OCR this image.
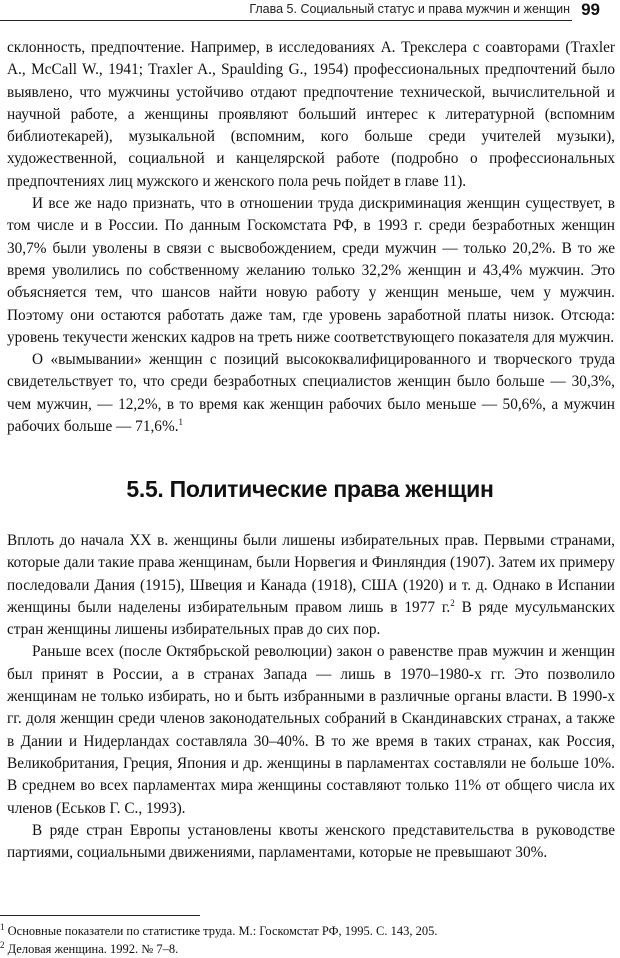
Глава 5. Социальный статус и права мужчин и женщин 99

склонность, предпочтение. Например, в исследованиях А. Трекслера с соавторами (Traxler A., McCall W., 1941; Traxler A., Spaulding G., 1954) профессиональных предпочтений было выявлено, что мужчины устойчиво отдают предпочтение технической, вычислительной и научной работе, а женщины проявляют больший интерес к литературной (вспомним библиотекарей), музыкальной (вспомним, кого больше среди учителей музыки), художественной, социальной и канцелярской работе (подробно о профессиональных предпочтениях лиц мужского и женского пола речь пойдет в главе 11).

И все же надо признать, что в отношении труда дискриминация женщин существует, в том числе и в России. По данным Госкомстата РФ, в 1993 г. среди безработных женщин 30,7% были уволены в связи с высвобождением, среди мужчин — только 20,2%. В то же время уволились по собственному желанию только 32,2% женщин и 43,4% мужчин. Это объясняется тем, что шансов найти новую работу у женщин меньше, чем у мужчин. Поэтому они остаются работать даже там, где уровень заработной платы низок. Отсюда: уровень текучести женских кадров на треть ниже соответствующего показателя для мужчин.

О «вымывании» женщин с позиций высококвалифицированного и творческого труда свидетельствует то, что среди безработных специалистов женщин было больше — 30,3%, чем мужчин, — 12,2%, в то время как женщин рабочих было меньше — 50,6%, а мужчин рабочих больше — 71,6%.$^1$

5.5. Политические права женщин

Вплоть до начала XX в. женщины были лишены избирательных прав. Первыми странами, которые дали такие права женщинам, были Норвегия и Финляндия (1907). Затем их примеру последовали Дания (1915), Швеция и Канада (1918), США (1920) и т. д. Однако в Испании женщины были наделены избирательным правом лишь в 1977 г.$^2$ В ряде мусульманских стран женщины лишены избирательных прав до сих пор.

Раньше всех (после Октябрьской революции) закон о равенстве прав мужчин и женщин был принят в России, а в странах Запада — лишь в 1970–1980-х гг. Это позволило женщинам не только избирать, но и быть избранными в различные органы власти. В 1990-х гг. доля женщин среди членов законодательных собраний в Скандинавских странах, а также в Дании и Нидерландах составляла 30–40%. В то же время в таких странах, как Россия, Великобритания, Греция, Япония и др. женщины в парламентах составляли не больше 10%. В среднем во всех парламентах мира женщины составляют только 11% от общего числа их членов (Еськов Г. С., 1993).

В ряде стран Европы установлены квоты женского представительства в руководстве партиями, социальными движениями, парламентами, которые не превышают 30%.

$^1$ Основные показатели по статистике труда. М.: Госкомстат РФ, 1995. С. 143, 205.
$^2$ Деловая женщина. 1992. № 7–8.
